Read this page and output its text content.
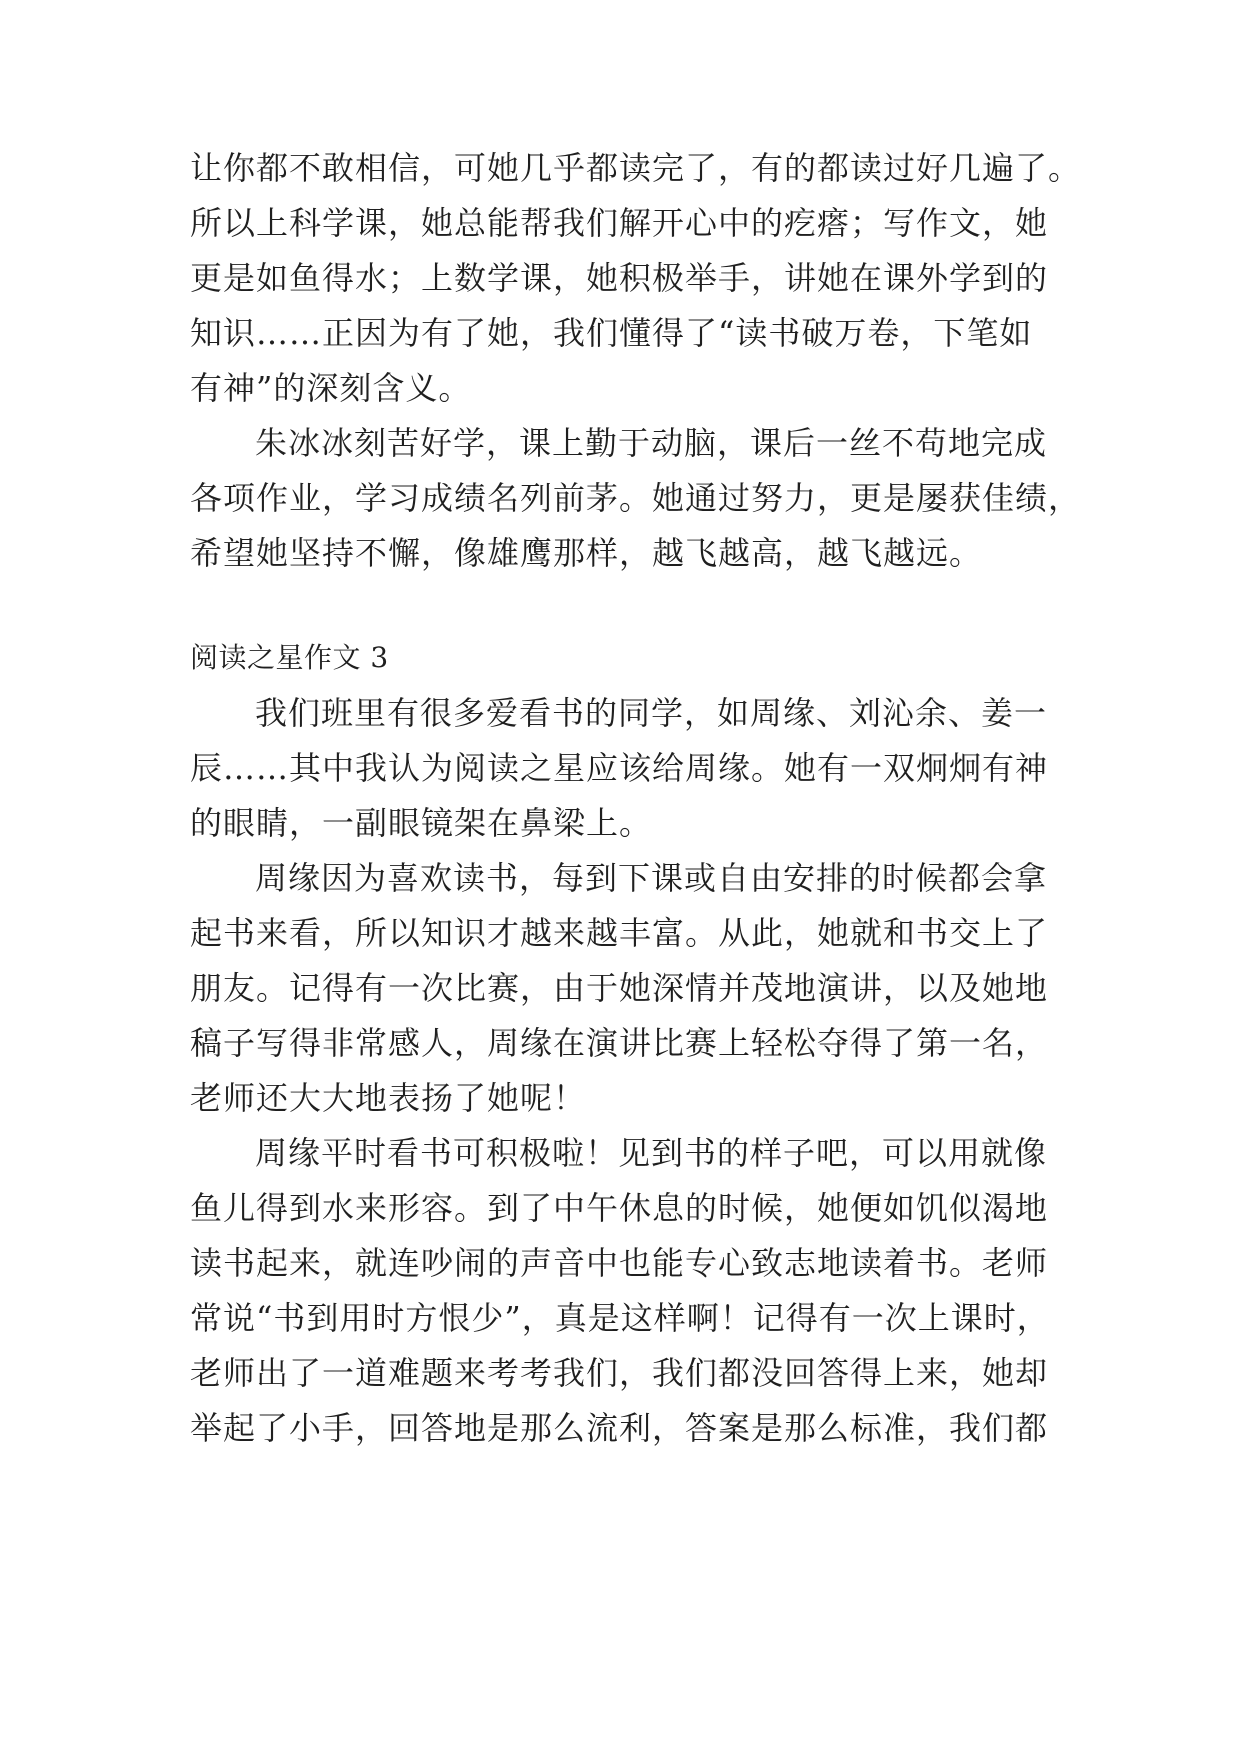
让你都不敢相信，可她几乎都读完了，有的都读过好几遍了。
所以上科学课，她总能帮我们解开心中的疙瘩；写作文，她
更是如鱼得水；上数学课，她积极举手，讲她在课外学到的
知识……正因为有了她，我们懂得了“读书破万卷，下笔如
有神”的深刻含义。
朱冰冰刻苦好学，课上勤于动脑，课后一丝不苟地完成
各项作业，学习成绩名列前茅。她通过努力，更是屡获佳绩，
希望她坚持不懈，像雄鹰那样，越飞越高，越飞越远。
阅读之星作文 3
我们班里有很多爱看书的同学，如周缘、刘沁余、姜一
辰……其中我认为阅读之星应该给周缘。她有一双炯炯有神
的眼睛，一副眼镜架在鼻梁上。
周缘因为喜欢读书，每到下课或自由安排的时候都会拿
起书来看，所以知识才越来越丰富。从此，她就和书交上了
朋友。记得有一次比赛，由于她深情并茂地演讲，以及她地
稿子写得非常感人，周缘在演讲比赛上轻松夺得了第一名，
老师还大大地表扬了她呢！
周缘平时看书可积极啦！见到书的样子吧，可以用就像
鱼儿得到水来形容。到了中午休息的时候，她便如饥似渴地
读书起来，就连吵闹的声音中也能专心致志地读着书。老师
常说“书到用时方恨少”，真是这样啊！记得有一次上课时，
老师出了一道难题来考考我们，我们都没回答得上来，她却
举起了小手，回答地是那么流利，答案是那么标准，我们都
